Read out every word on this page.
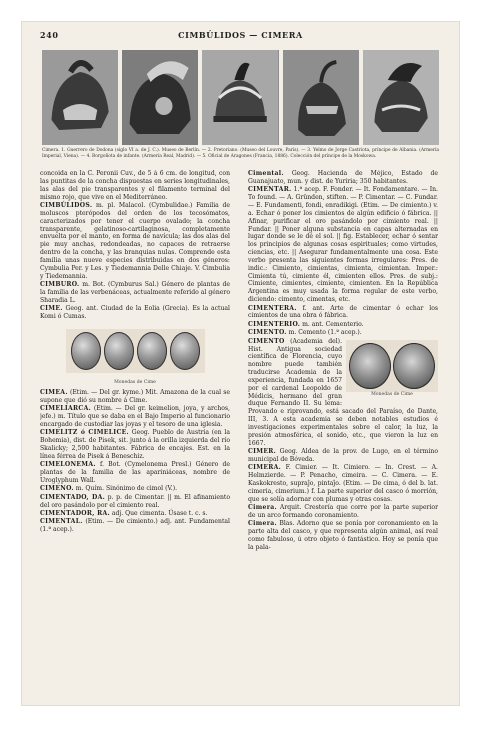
240	CIMBÚLIDOS — CIMERA
Cimera. 1. Guerrero de Dodona (siglo VI a. de J. C.). Museo de Berlín. — 2. Pretoriano. (Museo del Louvre, París). — 3. Yelmo de Jorge Castriota, príncipe de Albania. (Armería Imperial, Viena). — 4. Borgoñota de infante. (Armería Real, Madrid). — 5. Oficial de Aragones (Francia, 1886). Colección del príncipe de la Moskowa.

concoida en la C. Peronii Cuv., de 5 á 6 cm. de longitud, con las puntitas de la concha dispuestas en series longitudinales, las alas del pie transparentes y el filamento terminal del mismo rojo, que vive en el Mediterráneo.

CIMBÚLIDOS. m. pl. Malacol. (Cymbulidae.) Familia de moluscos pterópodos del orden de los tecosómatos, caracterizados por tener el cuerpo ovalado; la concha transparente, gelatinoso-cartilaginosa, completamente envuelta por el manto, en forma de navícula; las dos alas del pie muy anchas, redondeadas, no capaces de retraerse dentro de la concha, y las branquias nulas. Comprende esta familia unas nueve especies distribuidas en dos géneros: Cymbulia Per. y Les. y Tiedemannia Delle Chiaje. V. Cimbulia y Tiedemannia.

CIMBURO. m. Bot. (Cymburus Sal.) Género de plantas de la familia de las verbenáceas, actualmente referido al género Sharadia L.

CIME. Geog. ant. Ciudad de la Eolia (Grecia). Es la actual Komi ó Cumas.

Monedas de Cime

CIMEA. (Etim. — Del gr. kyme.) Mit. Amazona de la cual se supone que dió su nombre á Cime.

CIMELIARCA. (Etim. — Del gr. keimelion, joya, y archos, jefe.) m. Título que se daba en el Bajo Imperio al funcionario encargado de custodiar las joyas y el tesoro de una iglesia.

CIMELITZ ó CIMELICE. Geog. Pueblo de Austria (en la Bohemia), dist. de Pisek, sit. junto á la orilla izquierda del río Skalicky; 2,500 habitantes. Fábrica de encajes. Est. en la línea férrea de Pisek á Beneschiz.

CIMELONEMA. f. Bot. (Cymelonema Presl.) Género de plantas de la familia de las apariniáceas, nombre de Uroglyphum Wall.

CIMENO. m. Quím. Sinónimo de cimol (V.).

CIMENTADO, DA. p. p. de Cimentar. || m. El afinamiento del oro pasándolo por el cimiento real.

CIMENTADOR, RA. adj. Que cimenta. Úsase t. c. s.

CIMENTAL. (Etim. — De cimiento.) adj. ant. Fundamental (1.ª acep.).

Cimental. Geog. Hacienda de Méjico, Estado de Guanajuato, mun. y dist. de Yuriria; 350 habitantes.

CIMENTAR. 1.ª acep. F. Fonder. — It. Fondamentare. — In. To found. — A. Gründen, stiften. — P. Cimentar. — C. Fundar. — E. Fundamenti, fondi, enradikigi. (Etim. — De cimiento.) v. a. Echar ó poner los cimientos de algún edificio ó fábrica. || Afinar, purificar el oro pasándolo por cimiento real. || Fundar. || Poner alguna substancia en capas alternadas en lugar donde se le dé el sol. || fig. Establecer, echar ó sentar los principios de algunas cosas espirituales; como virtudes, ciencias, etc. || Asegurar fundamentalmente una cosa. Este verbo presenta las siguientes formas irregulares: Pres. de indic.: Cimiento, cimientas, cimienta, cimientan. Imper.: Cimienta tú, cimiente él, cimienten ellos. Pres. de subj.: Cimiente, cimientes, cimiente, cimienten. En la República Argentina es muy usada la forma regular de este verbo, diciendo: cimento, cimentas, etc.

CIMENTERA. f. ant. Arte de cimentar ó echar los cimientos de una obra ó fábrica.

CIMENTERIO. m. ant. Cementerio.

CIMENTO. m. Cemento (1.ª acep.).

Monedas de Cime

CIMENTO (Academia del). Hist. Antigua sociedad científica de Florencia, cuyo nombre puede también traducirse Academia de la experiencia, fundada en 1657 por el cardenal Leopoldo de Médicis, hermano del gran duque Fernando II. Su lema: Provando e riprovando, está sacado del Paraíso, de Dante, III, 3. A esta academia se deben notables estudios é investigaciones experimentales sobre el calor, la luz, la presión atmosférica, el sonido, etc., que vieron la luz en 1667.

CIMER. Geog. Aldea de la prov. de Lugo, en el término municipal de Bóveda.

CIMERA. F. Cimier. — It. Cimiero. — In. Crest. — A. Helmzierde. — P. Penacho, cimeira. — C. Cimera. — E. Kaskokresto, supraĵo, pintaĵo. (Etim. — De cima, ó del b. lat. cimeria, cimerium.) f. La parte superior del casco ó morrión, que se solía adornar con plumas y otras cosas.

Cimera. Arquit. Crestería que corre por la parte superior de un arco formando coronamiento.

Cimera. Blas. Adorno que se ponía por coronamiento en la parte alta del casco, y que representa algún animal, así real como fabuloso, ú otro objeto ó fantástico. Hoy se ponía que la pala-
